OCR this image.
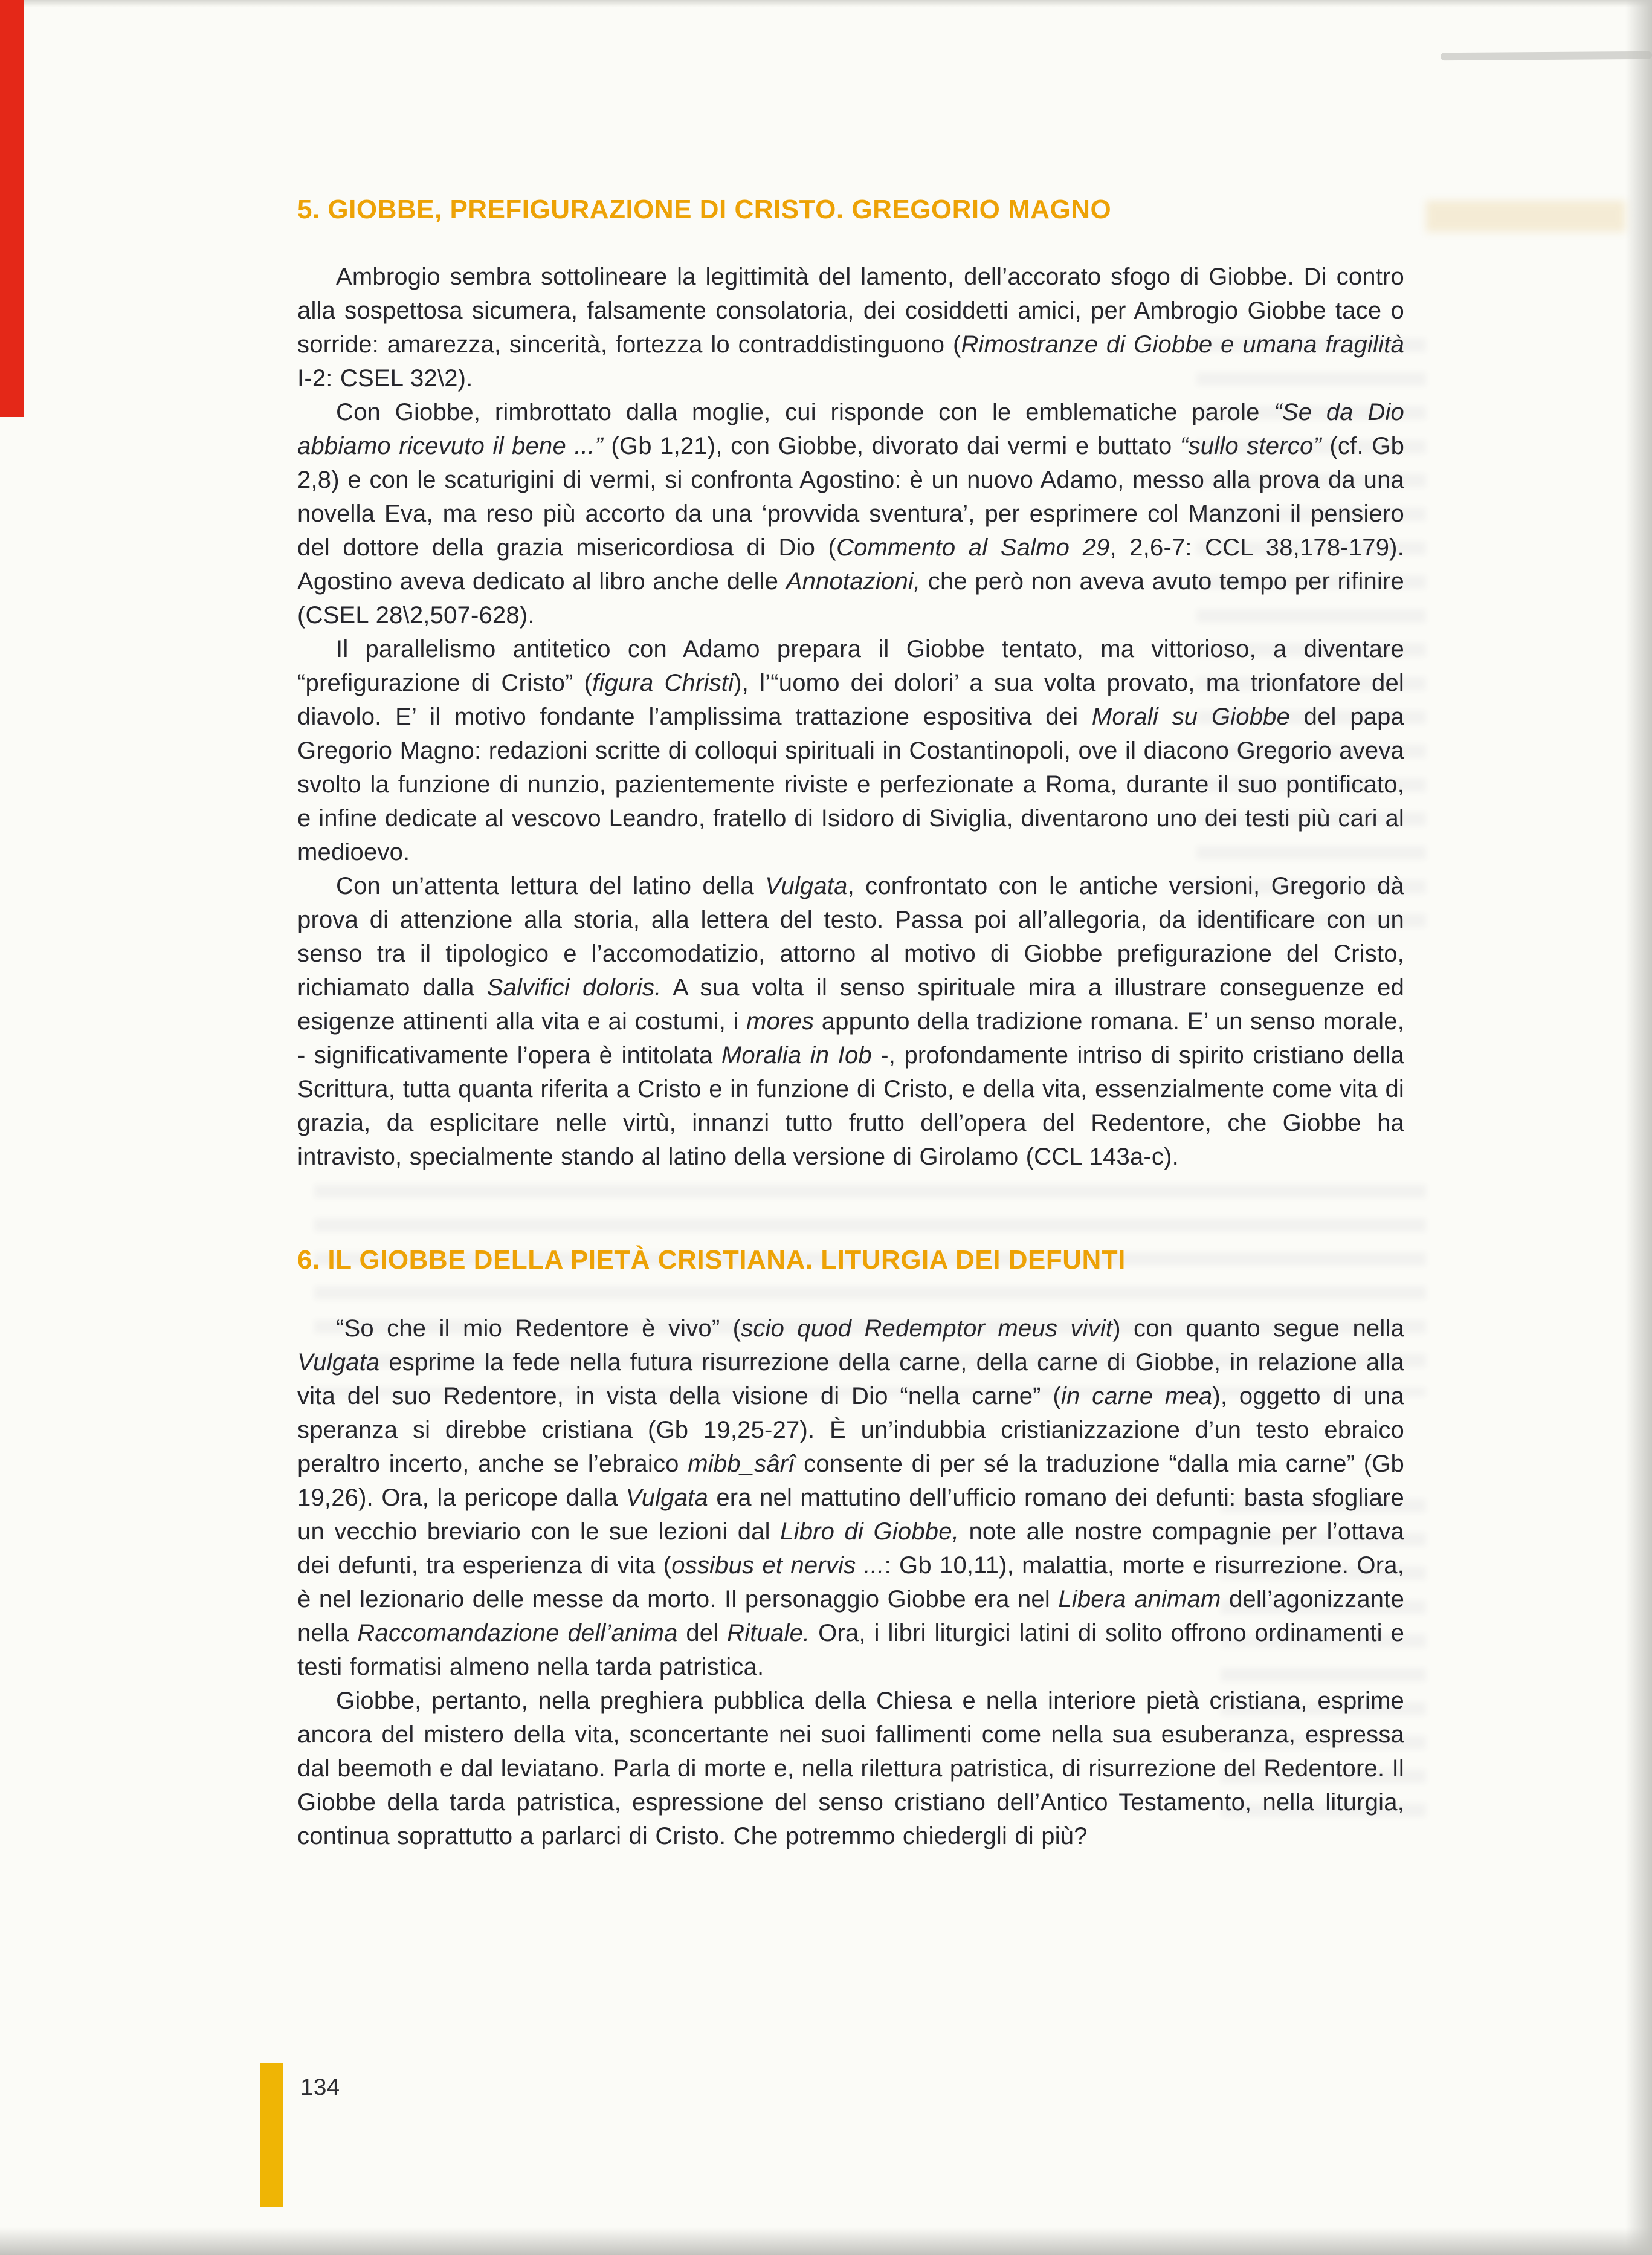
5. GIOBBE, PREFIGURAZIONE DI CRISTO. GREGORIO MAGNO

Ambrogio sembra sottolineare la legittimità del lamento, dell’accorato sfogo di Giobbe. Di contro alla sospettosa sicumera, falsamente consolatoria, dei cosiddetti amici, per Ambrogio Giobbe tace o sorride: amarezza, sincerità, fortezza lo contraddistinguono (Rimostranze di Giobbe e umana fragilità I-2: CSEL 32\2).

Con Giobbe, rimbrottato dalla moglie, cui risponde con le emblematiche parole “Se da Dio abbiamo ricevuto il bene ...” (Gb 1,21), con Giobbe, divorato dai vermi e buttato “sullo sterco” (cf. Gb 2,8) e con le scaturigini di vermi, si confronta Agostino: è un nuovo Adamo, messo alla prova da una novella Eva, ma reso più accorto da una ‘provvida sventura’, per esprimere col Manzoni il pensiero del dottore della grazia misericordiosa di Dio (Commento al Salmo 29, 2,6-7: CCL 38,178-179). Agostino aveva dedicato al libro anche delle Annotazioni, che però non aveva avuto tempo per rifinire (CSEL 28\2,507-628).

Il parallelismo antitetico con Adamo prepara il Giobbe tentato, ma vittorioso, a diventare “prefigurazione di Cristo” (figura Christi), l’“uomo dei dolori’ a sua volta provato, ma trionfatore del diavolo. E’ il motivo fondante l’amplissima trattazione espositiva dei Morali su Giobbe del papa Gregorio Magno: redazioni scritte di colloqui spirituali in Costantinopoli, ove il diacono Gregorio aveva svolto la funzione di nunzio, pazientemente riviste e perfezionate a Roma, durante il suo pontificato, e infine dedicate al vescovo Leandro, fratello di Isidoro di Siviglia, diventarono uno dei testi più cari al medioevo.

Con un’attenta lettura del latino della Vulgata, confrontato con le antiche versioni, Gregorio dà prova di attenzione alla storia, alla lettera del testo. Passa poi all’allegoria, da identificare con un senso tra il tipologico e l’accomodatizio, attorno al motivo di Giobbe prefigurazione del Cristo, richiamato dalla Salvifici doloris. A sua volta il senso spirituale mira a illustrare conseguenze ed esigenze attinenti alla vita e ai costumi, i mores appunto della tradizione romana. E’ un senso morale, - significativamente l’opera è intitolata Moralia in Iob -, profondamente intriso di spirito cristiano della Scrittura, tutta quanta riferita a Cristo e in funzione di Cristo, e della vita, essenzialmente come vita di grazia, da esplicitare nelle virtù, innanzi tutto frutto dell’opera del Redentore, che Giobbe ha intravisto, specialmente stando al latino della versione di Girolamo (CCL 143a-c).

6. IL GIOBBE DELLA PIETÀ CRISTIANA. LITURGIA DEI DEFUNTI

“So che il mio Redentore è vivo” (scio quod Redemptor meus vivit) con quanto segue nella Vulgata esprime la fede nella futura risurrezione della carne, della carne di Giobbe, in relazione alla vita del suo Redentore, in vista della visione di Dio “nella carne” (in carne mea), oggetto di una speranza si direbbe cristiana (Gb 19,25-27). È un’indubbia cristianizzazione d’un testo ebraico peraltro incerto, anche se l’ebraico mibb_sârî consente di per sé la traduzione “dalla mia carne” (Gb 19,26). Ora, la pericope dalla Vulgata era nel mattutino dell’ufficio romano dei defunti: basta sfogliare un vecchio breviario con le sue lezioni dal Libro di Giobbe, note alle nostre compagnie per l’ottava dei defunti, tra esperienza di vita (ossibus et nervis ...: Gb 10,11), malattia, morte e risurrezione. Ora, è nel lezionario delle messe da morto. Il personaggio Giobbe era nel Libera animam dell’agonizzante nella Raccomandazione dell’anima del Rituale. Ora, i libri liturgici latini di solito offrono ordinamenti e testi formatisi almeno nella tarda patristica.

Giobbe, pertanto, nella preghiera pubblica della Chiesa e nella interiore pietà cristiana, esprime ancora del mistero della vita, sconcertante nei suoi fallimenti come nella sua esuberanza, espressa dal beemoth e dal leviatano. Parla di morte e, nella rilettura patristica, di risurrezione del Redentore. Il Giobbe della tarda patristica, espressione del senso cristiano dell’Antico Testamento, nella liturgia, continua soprattutto a parlarci di Cristo. Che potremmo chiedergli di più?

134
